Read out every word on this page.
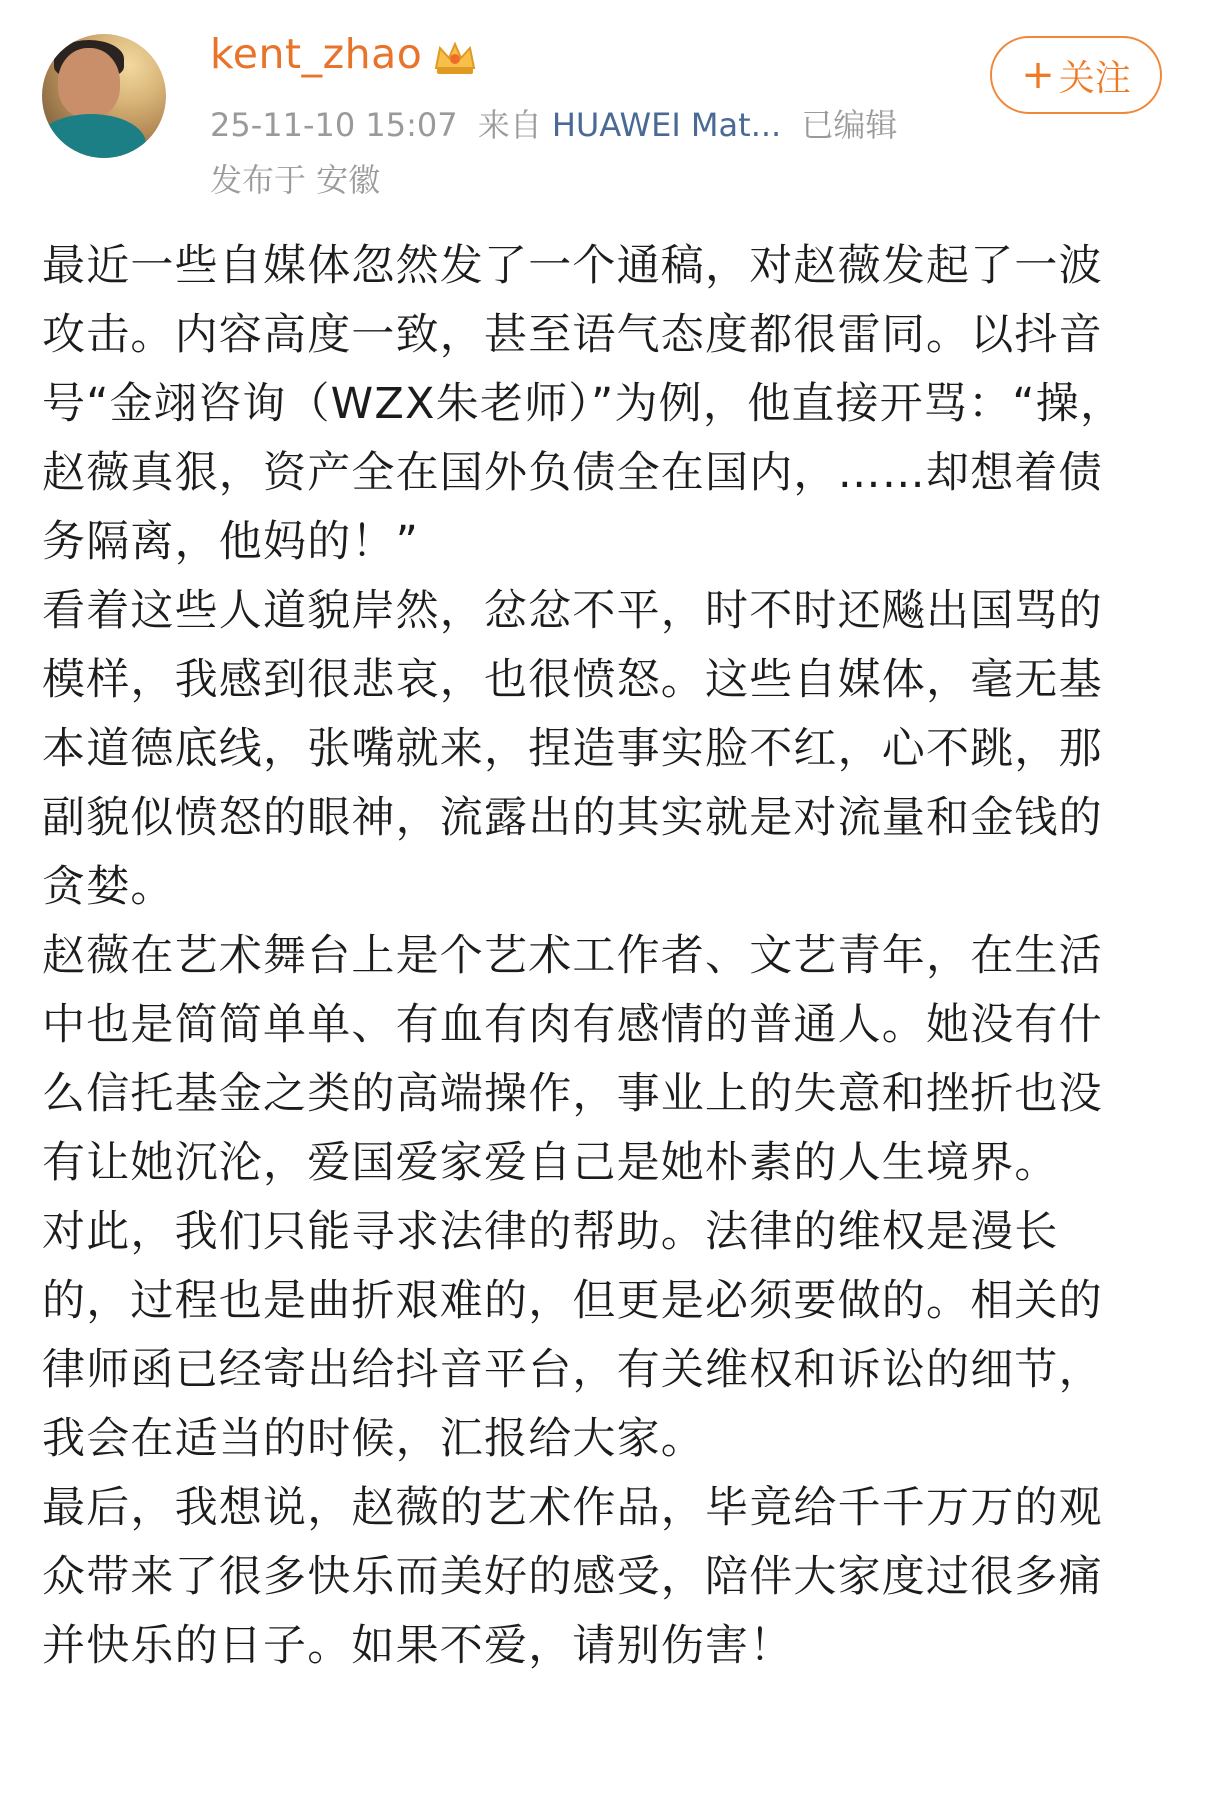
kent_zhao
25-11-10 15:07 来自 HUAWEI Mat... 已编辑
发布于 安徽
+ 关注

最近一些自媒体忽然发了一个通稿，对赵薇发起了一波攻击。内容高度一致，甚至语气态度都很雷同。以抖音号“金翊咨询（WZX朱老师）”为例，他直接开骂：“操，赵薇真狠，资产全在国外负债全在国内，……却想着债务隔离，他妈的！”

看着这些人道貌岸然，忿忿不平，时不时还飚出国骂的模样，我感到很悲哀，也很愤怒。这些自媒体，毫无基本道德底线，张嘴就来，捏造事实脸不红，心不跳，那副貌似愤怒的眼神，流露出的其实就是对流量和金钱的贪婪。

赵薇在艺术舞台上是个艺术工作者、文艺青年，在生活中也是简简单单、有血有肉有感情的普通人。她没有什么信托基金之类的高端操作，事业上的失意和挫折也没有让她沉沦，爱国爱家爱自己是她朴素的人生境界。

对此，我们只能寻求法律的帮助。法律的维权是漫长的，过程也是曲折艰难的，但更是必须要做的。相关的律师函已经寄出给抖音平台，有关维权和诉讼的细节，我会在适当的时候，汇报给大家。

最后，我想说，赵薇的艺术作品，毕竟给千千万万的观众带来了很多快乐而美好的感受，陪伴大家度过很多痛并快乐的日子。如果不爱，请别伤害！
